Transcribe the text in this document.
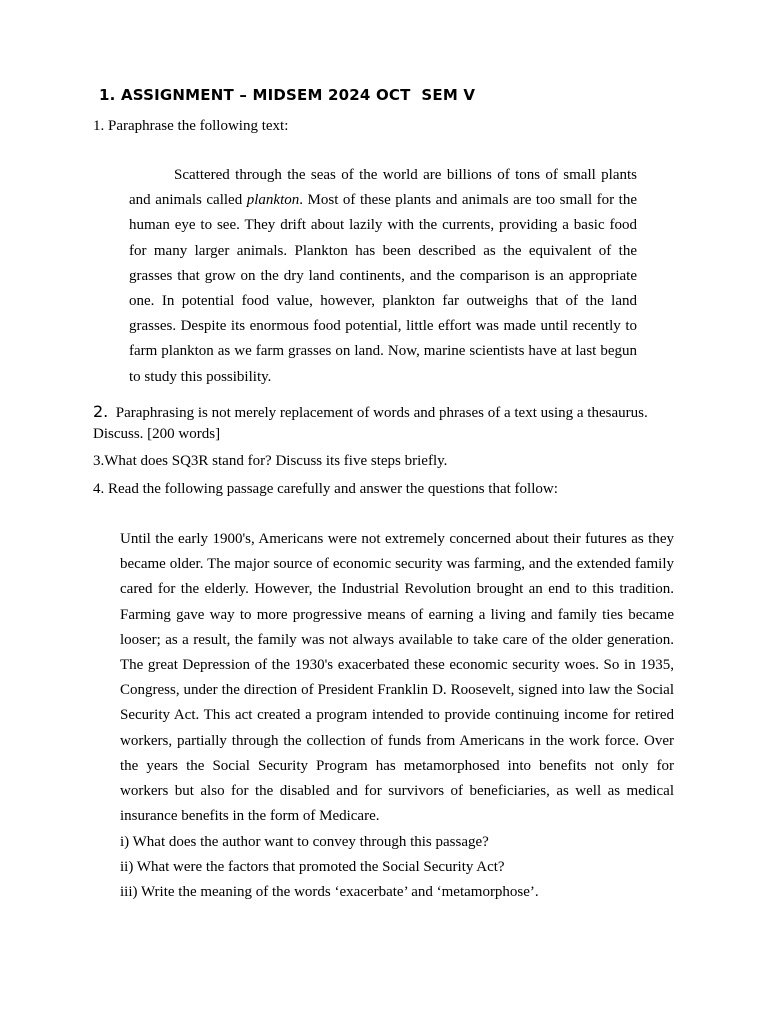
1. ASSIGNMENT – MIDSEM 2024 OCT  SEM V

1. Paraphrase the following text:

Scattered through the seas of the world are billions of tons of small plants and animals called plankton. Most of these plants and animals are too small for the human eye to see. They drift about lazily with the currents, providing a basic food for many larger animals. Plankton has been described as the equivalent of the grasses that grow on the dry land continents, and the comparison is an appropriate one. In potential food value, however, plankton far outweighs that of the land grasses. Despite its enormous food potential, little effort was made until recently to farm plankton as we farm grasses on land. Now, marine scientists have at last begun to study this possibility.

2. Paraphrasing is not merely replacement of words and phrases of a text using a thesaurus. Discuss. [200 words]

3.What does SQ3R stand for? Discuss its five steps briefly.

4. Read the following passage carefully and answer the questions that follow:

Until the early 1900's, Americans were not extremely concerned about their futures as they became older. The major source of economic security was farming, and the extended family cared for the elderly. However, the Industrial Revolution brought an end to this tradition. Farming gave way to more progressive means of earning a living and family ties became looser; as a result, the family was not always available to take care of the older generation. The great Depression of the 1930's exacerbated these economic security woes. So in 1935, Congress, under the direction of President Franklin D. Roosevelt, signed into law the Social Security Act. This act created a program intended to provide continuing income for retired workers, partially through the collection of funds from Americans in the work force. Over the years the Social Security Program has metamorphosed into benefits not only for workers but also for the disabled and for survivors of beneficiaries, as well as medical insurance benefits in the form of Medicare.

i) What does the author want to convey through this passage?

ii) What were the factors that promoted the Social Security Act?

iii) Write the meaning of the words ‘exacerbate’ and ‘metamorphose’.
